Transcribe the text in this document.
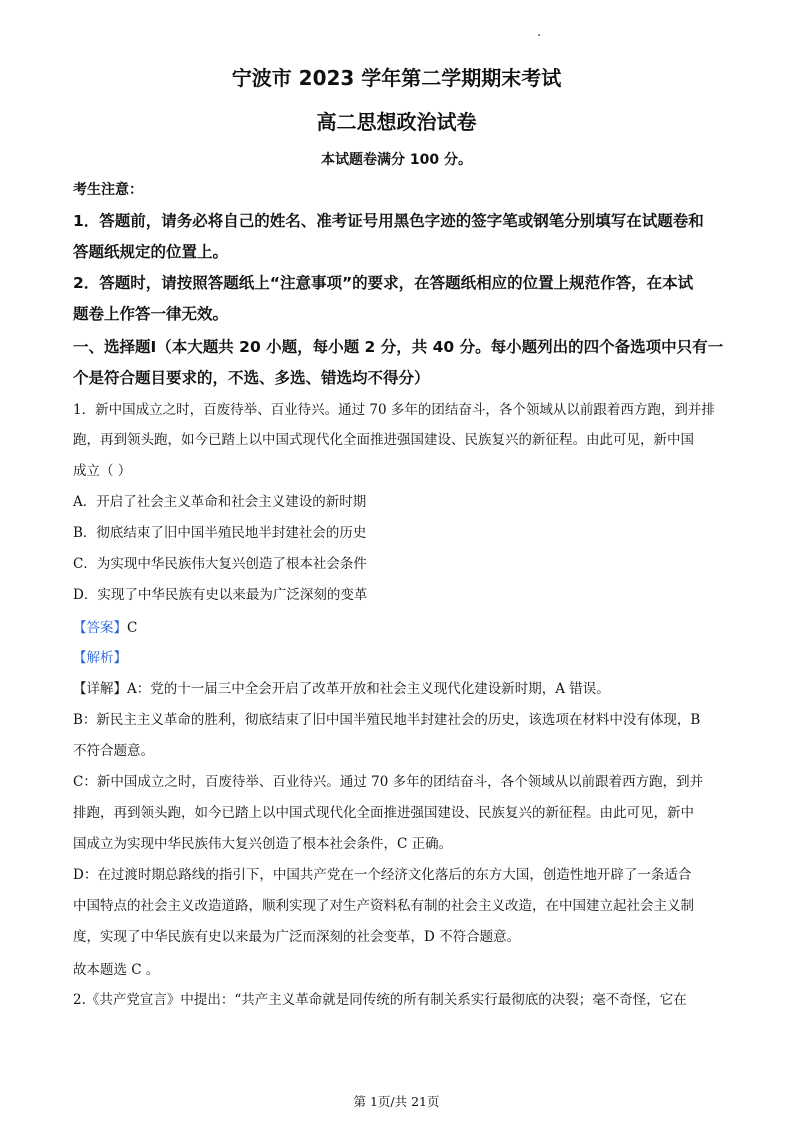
宁波市 2023 学年第二学期期末考试
高二思想政治试卷
本试题卷满分 100 分。
考生注意：
1．答题前，请务必将自己的姓名、准考证号用黑色字迹的签字笔或钢笔分别填写在试题卷和
答题纸规定的位置上。
2．答题时，请按照答题纸上“注意事项”的要求，在答题纸相应的位置上规范作答，在本试
题卷上作答一律无效。
一、选择题Ⅰ（本大题共 20 小题，每小题 2 分，共 40 分。每小题列出的四个备选项中只有一
个是符合题目要求的，不选、多选、错选均不得分）
1．新中国成立之时，百废待举、百业待兴。通过 70 多年的团结奋斗，各个领域从以前跟着西方跑，到并排
跑，再到领头跑，如今已踏上以中国式现代化全面推进强国建设、民族复兴的新征程。由此可见，新中国
成立（ ）
A．开启了社会主义革命和社会主义建设的新时期
B．彻底结束了旧中国半殖民地半封建社会的历史
C．为实现中华民族伟大复兴创造了根本社会条件
D．实现了中华民族有史以来最为广泛深刻的变革
【答案】C
【解析】
【详解】A：党的十一届三中全会开启了改革开放和社会主义现代化建设新时期，A 错误。
B：新民主主义革命的胜利，彻底结束了旧中国半殖民地半封建社会的历史，该选项在材料中没有体现，B
不符合题意。
C：新中国成立之时，百废待举、百业待兴。通过 70 多年的团结奋斗，各个领域从以前跟着西方跑，到并
排跑，再到领头跑，如今已踏上以中国式现代化全面推进强国建设、民族复兴的新征程。由此可见，新中
国成立为实现中华民族伟大复兴创造了根本社会条件，C 正确。
D：在过渡时期总路线的指引下，中国共产党在一个经济文化落后的东方大国，创造性地开辟了一条适合
中国特点的社会主义改造道路，顺利实现了对生产资料私有制的社会主义改造，在中国建立起社会主义制
度，实现了中华民族有史以来最为广泛而深刻的社会变革，D 不符合题意。
故本题选 C 。
2.《共产党宣言》中提出：“共产主义革命就是同传统的所有制关系实行最彻底的决裂；毫不奇怪，它在
第 1页/共 21页
